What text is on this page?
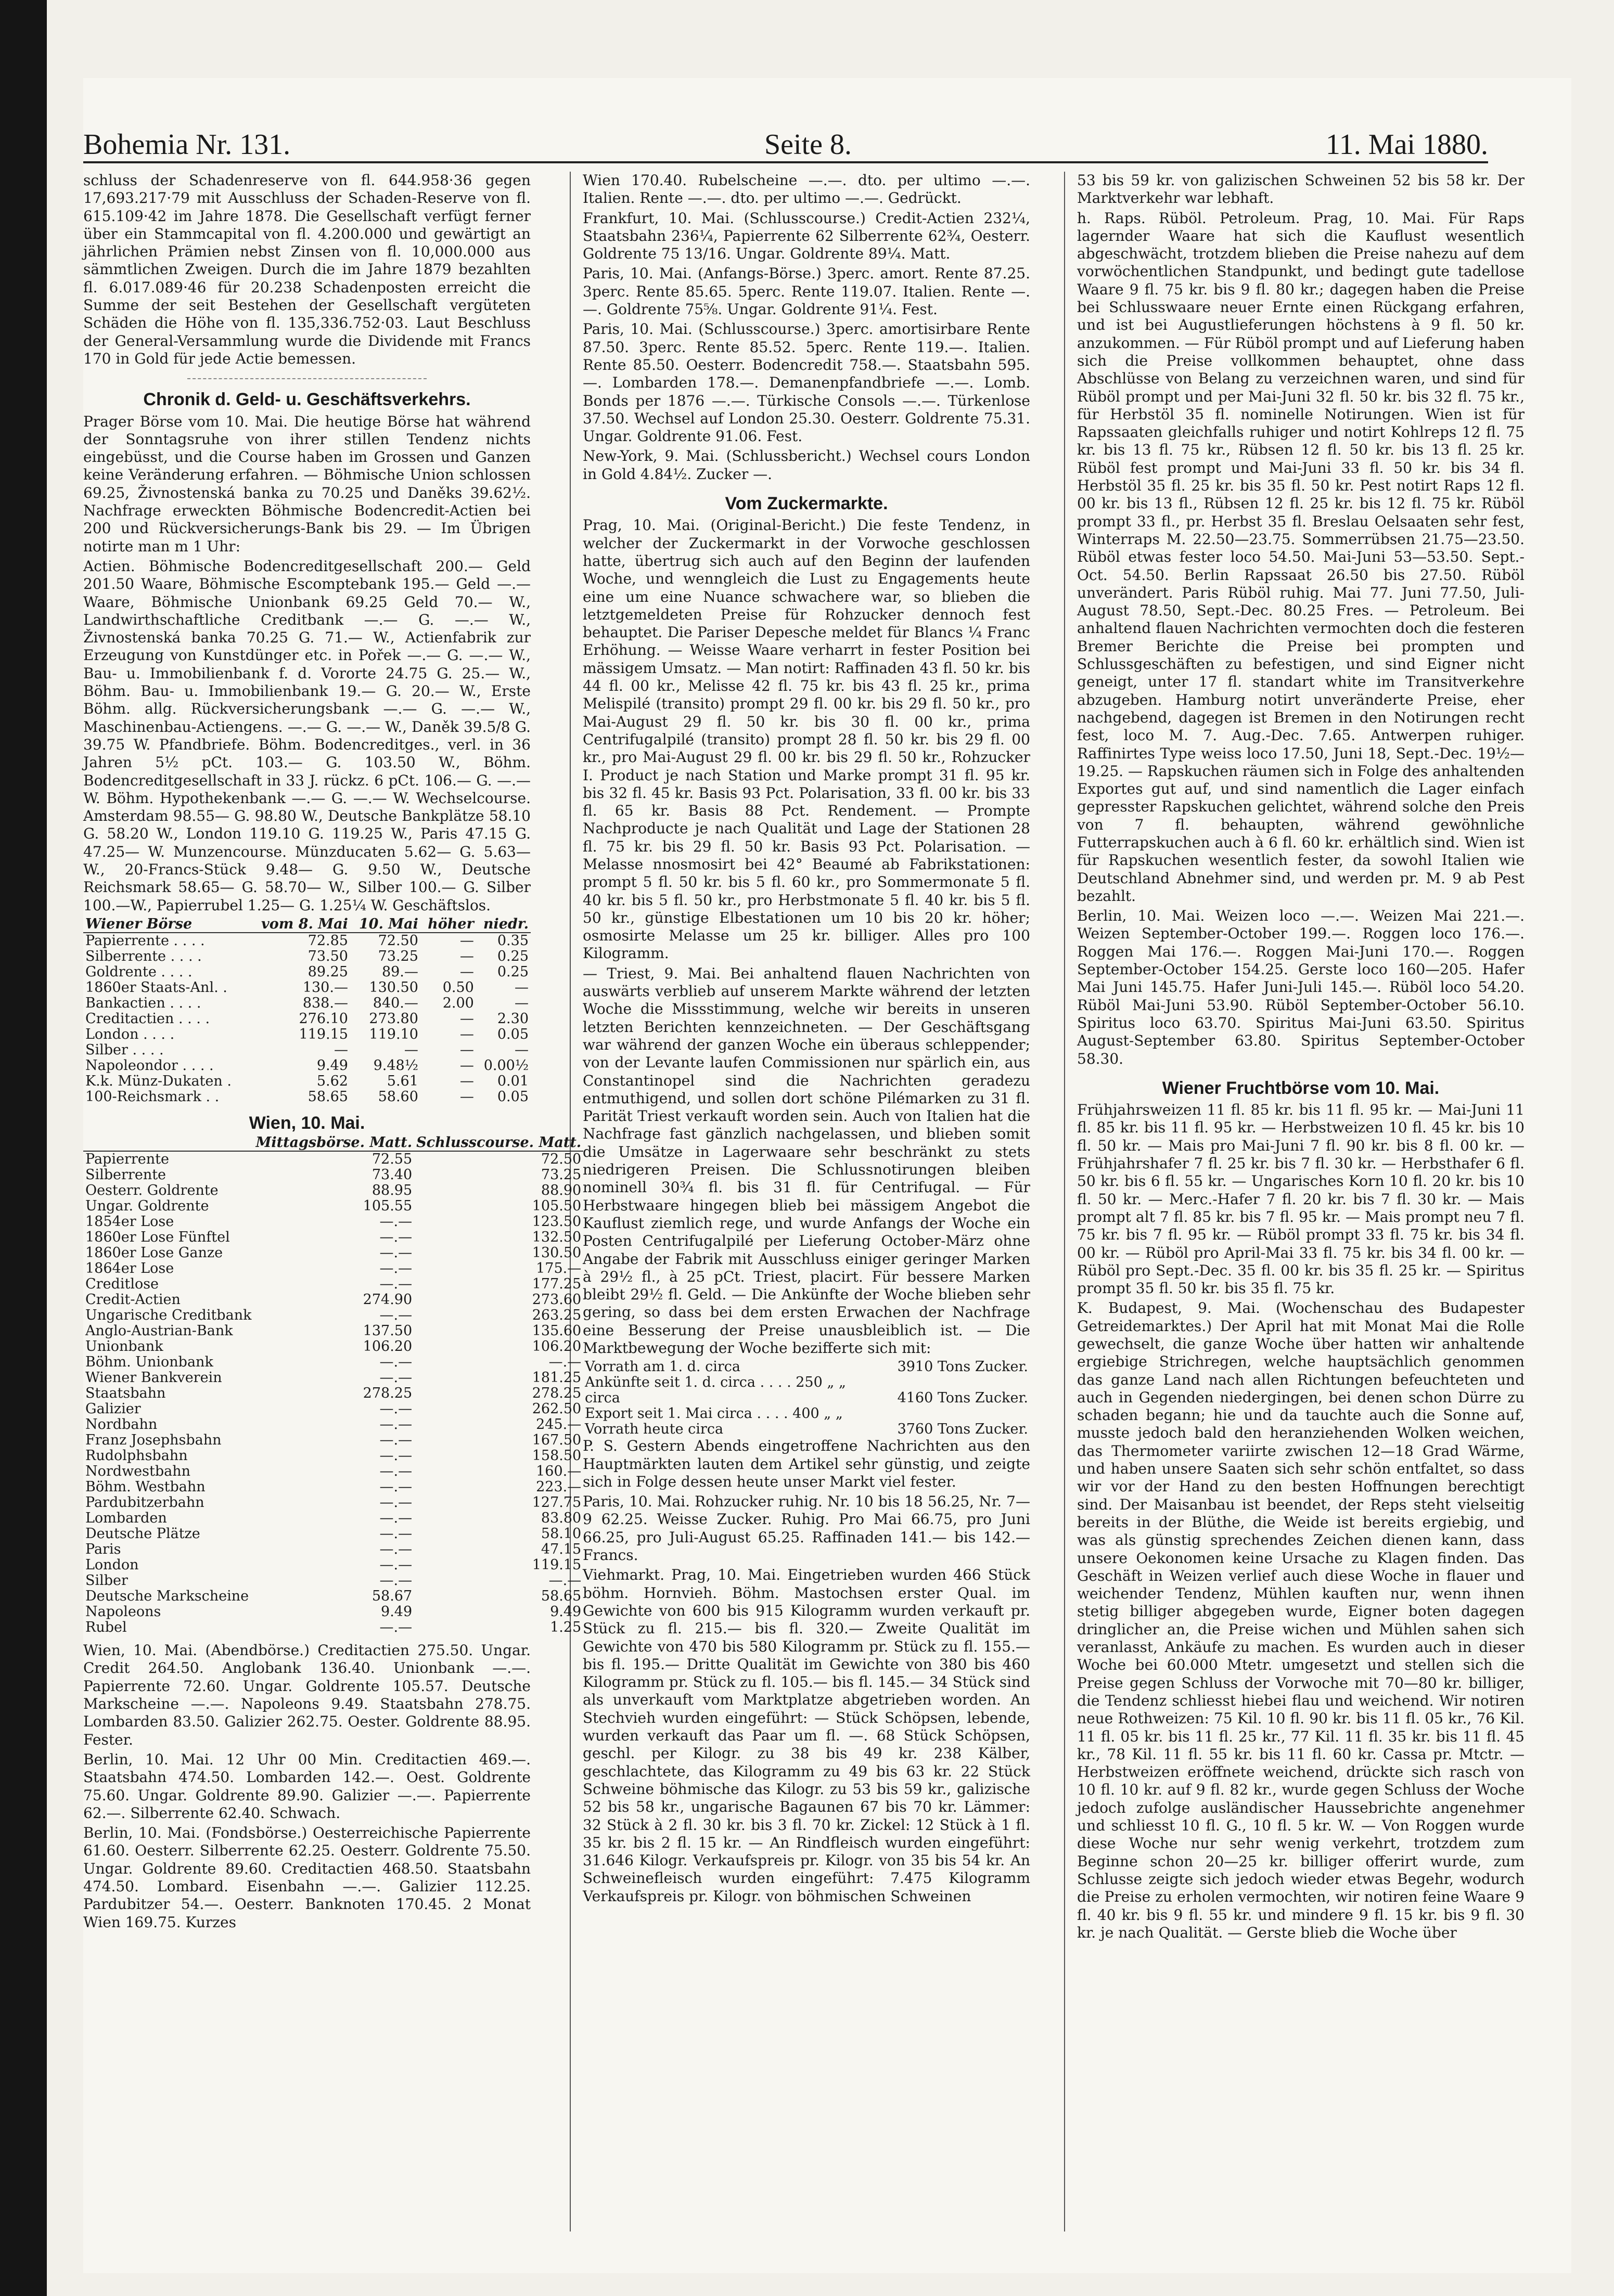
Bohemia Nr. 131.	Seite 8.	11. Mai 1880.

schluss der Schadenreserve von fl. 644.958·36 gegen 17,693.217·79 mit Ausschluss der Schaden-Reserve von fl. 615.109·42 im Jahre 1878. Die Gesellschaft verfügt ferner über ein Stammcapital von fl. 4.200.000 und gewärtigt an jährlichen Prämien nebst Zinsen von fl. 10,000.000 aus sämmtlichen Zweigen. Durch die im Jahre 1879 bezahlten fl. 6.017.089·46 für 20.238 Schadenposten erreicht die Summe der seit Bestehen der Gesellschaft vergüteten Schäden die Höhe von fl. 135,336.752·03. Laut Beschluss der General-Versammlung wurde die Dividende mit Francs 170 in Gold für jede Actie bemessen.

Chronik d. Geld- u. Geschäftsverkehrs.

Prager Börse vom 10. Mai. Die heutige Börse hat während der Sonntagsruhe von ihrer stillen Tendenz nichts eingebüsst, und die Course haben im Grossen und Ganzen keine Veränderung erfahren. — Böhmische Union schlossen 69.25, Živnostenská banka zu 70.25 und Daněks 39.62½. Nachfrage erweckten Böhmische Bodencredit-Actien bei 200 und Rückversicherungs-Bank bis 29. — Im Übrigen notirte man m 1 Uhr:

Actien. Böhmische Bodencreditgesellschaft 200.— Geld 201.50 Waare, Böhmische Escomptebank 195.— Geld —.— Waare, Böhmische Unionbank 69.25 Geld 70.— W., Landwirthschaftliche Creditbank —.— G. —.— W., Živnostenská banka 70.25 G. 71.— W., Actienfabrik zur Erzeugung von Kunstdünger etc. in Pořek —.— G. —.— W., Bau- u. Immobilienbank f. d. Vororte 24.75 G. 25.— W., Böhm. Bau- u. Immobilienbank 19.— G. 20.— W., Erste Böhm. allg. Rückversicherungsbank —.— G. —.— W., Maschinenbau-Actiengens. —.— G. —.— W., Daněk 39.5/8 G. 39.75 W. Pfandbriefe. Böhm. Bodencreditges., verl. in 36 Jahren 5½ pCt. 103.— G. 103.50 W., Böhm. Bodencreditgesellschaft in 33 J. rückz. 6 pCt. 106.— G. —.— W. Böhm. Hypothekenbank —.— G. —.— W. Wechselcourse. Amsterdam 98.55— G. 98.80 W., Deutsche Bankplätze 58.10 G. 58.20 W., London 119.10 G. 119.25 W., Paris 47.15 G. 47.25— W. Munzencourse. Münzducaten 5.62— G. 5.63— W., 20-Francs-Stück 9.48— G. 9.50 W., Deutsche Reichsmark 58.65— G. 58.70— W., Silber 100.— G. Silber 100.—W., Papierrubel 1.25— G. 1.25¼ W. Geschäftslos.

Wiener Börse	vom 8. Mai	10. Mai	höher	niedr.
Papierrente . . . .	72.85	72.50	—	0.35
Silberrente . . . .	73.50	73.25	—	0.25
Goldrente . . . .	89.25	89.—	—	0.25
1860er Staats-Anl. .	130.—	130.50	0.50	—
Bankactien . . . .	838.—	840.—	2.00	—
Creditactien . . . .	276.10	273.80	—	2.30
London . . . .	119.15	119.10	—	0.05
Silber . . . .	—	—	—	—
Napoleondor . . . .	9.49	9.48½	—	0.00½
K.k. Münz-Dukaten .	5.62	5.61	—	0.01
100-Reichsmark . .	58.65	58.60	—	0.05
Wien, 10. Mai.
	Mittagsbörse. Matt.	Schlusscourse. Matt.
Papierrente	72.55	72.50
Silberrente	73.40	73.25
Oesterr. Goldrente	88.95	88.90
Ungar. Goldrente	105.55	105.50
1854er Lose	—.—	123.50
1860er Lose Fünftel	—.—	132.50
1860er Lose Ganze	—.—	130.50
1864er Lose	—.—	175.—
Creditlose	—.—	177.25
Credit-Actien	274.90	273.60
Ungarische Creditbank	—.—	263.25
Anglo-Austrian-Bank	137.50	135.60
Unionbank	106.20	106.20
Böhm. Unionbank	—.—	—.—
Wiener Bankverein	—.—	181.25
Staatsbahn	278.25	278.25
Galizier	—.—	262.50
Nordbahn	—.—	245.—
Franz Josephsbahn	—.—	167.50
Rudolphsbahn	—.—	158.50
Nordwestbahn	—.—	160.—
Böhm. Westbahn	—.—	223.—
Pardubitzerbahn	—.—	127.75
Lombarden	—.—	83.80
Deutsche Plätze	—.—	58.10
Paris	—.—	47.15
London	—.—	119.15
Silber	—.—	—.—
Deutsche Markscheine	58.67	58.65
Napoleons	9.49	9.49
Rubel	—.—	1.25

Wien, 10. Mai. (Abendbörse.) Creditactien 275.50. Ungar. Credit 264.50. Anglobank 136.40. Unionbank —.—. Papierrente 72.60. Ungar. Goldrente 105.57. Deutsche Markscheine —.—. Napoleons 9.49. Staatsbahn 278.75. Lombarden 83.50. Galizier 262.75. Oester. Goldrente 88.95. Fester.

Berlin, 10. Mai. 12 Uhr 00 Min. Creditactien 469.—. Staatsbahn 474.50. Lombarden 142.—. Oest. Goldrente 75.60. Ungar. Goldrente 89.90. Galizier —.—. Papierrente 62.—. Silberrente 62.40. Schwach.

Berlin, 10. Mai. (Fondsbörse.) Oesterreichische Papierrente 61.60. Oesterr. Silberrente 62.25. Oesterr. Goldrente 75.50. Ungar. Goldrente 89.60. Creditactien 468.50. Staatsbahn 474.50. Lombard. Eisenbahn —.—. Galizier 112.25. Pardubitzer 54.—. Oesterr. Banknoten 170.45. 2 Monat Wien 169.75. Kurzes

Wien 170.40. Rubelscheine —.—. dto. per ultimo —.—. Italien. Rente —.—. dto. per ultimo —.—. Gedrückt.

Frankfurt, 10. Mai. (Schlusscourse.) Credit-Actien 232¼, Staatsbahn 236¼, Papierrente 62 Silberrente 62¾, Oesterr. Goldrente 75 13/16. Ungar. Goldrente 89¼. Matt.

Paris, 10. Mai. (Anfangs-Börse.) 3perc. amort. Rente 87.25. 3perc. Rente 85.65. 5perc. Rente 119.07. Italien. Rente —.—. Goldrente 75⅝. Ungar. Goldrente 91¼. Fest.

Paris, 10. Mai. (Schlusscourse.) 3perc. amortisirbare Rente 87.50. 3perc. Rente 85.52. 5perc. Rente 119.—. Italien. Rente 85.50. Oesterr. Bodencredit 758.—. Staatsbahn 595.—. Lombarden 178.—. Demanenpfandbriefe —.—. Lomb. Bonds per 1876 —.—. Türkische Consols —.—. Türkenlose 37.50. Wechsel auf London 25.30. Oesterr. Goldrente 75.31. Ungar. Goldrente 91.06. Fest.

New-York, 9. Mai. (Schlussbericht.) Wechsel cours London in Gold 4.84½. Zucker —.

Vom Zuckermarkte.

Prag, 10. Mai. (Original-Bericht.) Die feste Tendenz, in welcher der Zuckermarkt in der Vorwoche geschlossen hatte, übertrug sich auch auf den Beginn der laufenden Woche, und wenngleich die Lust zu Engagements heute eine um eine Nuance schwachere war, so blieben die letztgemeldeten Preise für Rohzucker dennoch fest behauptet. Die Pariser Depesche meldet für Blancs ¼ Franc Erhöhung. — Weisse Waare verharrt in fester Position bei mässigem Umsatz. — Man notirt: Raffinaden 43 fl. 50 kr. bis 44 fl. 00 kr., Melisse 42 fl. 75 kr. bis 43 fl. 25 kr., prima Melispilé (transito) prompt 29 fl. 00 kr. bis 29 fl. 50 kr., pro Mai-August 29 fl. 50 kr. bis 30 fl. 00 kr., prima Centrifugalpilé (transito) prompt 28 fl. 50 kr. bis 29 fl. 00 kr., pro Mai-August 29 fl. 00 kr. bis 29 fl. 50 kr., Rohzucker I. Product je nach Station und Marke prompt 31 fl. 95 kr. bis 32 fl. 45 kr. Basis 93 Pct. Polarisation, 33 fl. 00 kr. bis 33 fl. 65 kr. Basis 88 Pct. Rendement. — Prompte Nachproducte je nach Qualität und Lage der Stationen 28 fl. 75 kr. bis 29 fl. 50 kr. Basis 93 Pct. Polarisation. — Melasse nnosmosirt bei 42° Beaumé ab Fabrikstationen: prompt 5 fl. 50 kr. bis 5 fl. 60 kr., pro Sommermonate 5 fl. 40 kr. bis 5 fl. 50 kr., pro Herbstmonate 5 fl. 40 kr. bis 5 fl. 50 kr., günstige Elbestationen um 10 bis 20 kr. höher; osmosirte Melasse um 25 kr. billiger. Alles pro 100 Kilogramm.

— Triest, 9. Mai. Bei anhaltend flauen Nachrichten von auswärts verblieb auf unserem Markte während der letzten Woche die Missstimmung, welche wir bereits in unseren letzten Berichten kennzeichneten. — Der Geschäftsgang war während der ganzen Woche ein überaus schleppender; von der Levante laufen Commissionen nur spärlich ein, aus Constantinopel sind die Nachrichten geradezu entmuthigend, und sollen dort schöne Pilémarken zu 31 fl. Parität Triest verkauft worden sein. Auch von Italien hat die Nachfrage fast gänzlich nachgelassen, und blieben somit die Umsätze in Lagerwaare sehr beschränkt zu stets niedrigeren Preisen. Die Schlussnotirungen bleiben nominell 30¾ fl. bis 31 fl. für Centrifugal. — Für Herbstwaare hingegen blieb bei mässigem Angebot die Kauflust ziemlich rege, und wurde Anfangs der Woche ein Posten Centrifugalpilé per Lieferung October-März ohne Angabe der Fabrik mit Ausschluss einiger geringer Marken à 29½ fl., à 25 pCt. Triest, placirt. Für bessere Marken bleibt 29½ fl. Geld. — Die Ankünfte der Woche blieben sehr gering, so dass bei dem ersten Erwachen der Nachfrage eine Besserung der Preise unausbleiblich ist. — Die Marktbewegung der Woche bezifferte sich mit:

Vorrath am 1. d. circa	3910 Tons Zucker.
Ankünfte seit 1. d. circa . . . . 250 „ „	
circa	4160 Tons Zucker.
Export seit 1. Mai circa . . . . 400 „ „	
Vorrath heute circa	3760 Tons Zucker.

P. S. Gestern Abends eingetroffene Nachrichten aus den Hauptmärkten lauten dem Artikel sehr günstig, und zeigte sich in Folge dessen heute unser Markt viel fester.

Paris, 10. Mai. Rohzucker ruhig. Nr. 10 bis 18 56.25, Nr. 7—9 62.25. Weisse Zucker. Ruhig. Pro Mai 66.75, pro Juni 66.25, pro Juli-August 65.25. Raffinaden 141.— bis 142.— Francs.

Viehmarkt. Prag, 10. Mai. Eingetrieben wurden 466 Stück böhm. Hornvieh. Böhm. Mastochsen erster Qual. im Gewichte von 600 bis 915 Kilogramm wurden verkauft pr. Stück zu fl. 215.— bis fl. 320.— Zweite Qualität im Gewichte von 470 bis 580 Kilogramm pr. Stück zu fl. 155.— bis fl. 195.— Dritte Qualität im Gewichte von 380 bis 460 Kilogramm pr. Stück zu fl. 105.— bis fl. 145.— 34 Stück sind als unverkauft vom Marktplatze abgetrieben worden. An Stechvieh wurden eingeführt: — Stück Schöpsen, lebende, wurden verkauft das Paar um fl. —. 68 Stück Schöpsen, geschl. per Kilogr. zu 38 bis 49 kr. 238 Kälber, geschlachtete, das Kilogramm zu 49 bis 63 kr. 22 Stück Schweine böhmische das Kilogr. zu 53 bis 59 kr., galizische 52 bis 58 kr., ungarische Bagaunen 67 bis 70 kr. Lämmer: 32 Stück à 2 fl. 30 kr. bis 3 fl. 70 kr. Zickel: 12 Stück à 1 fl. 35 kr. bis 2 fl. 15 kr. — An Rindfleisch wurden eingeführt: 31.646 Kilogr. Verkaufspreis pr. Kilogr. von 35 bis 54 kr. An Schweinefleisch wurden eingeführt: 7.475 Kilogramm Verkaufspreis pr. Kilogr. von böhmischen Schweinen

53 bis 59 kr. von galizischen Schweinen 52 bis 58 kr. Der Marktverkehr war lebhaft.

h. Raps. Rüböl. Petroleum. Prag, 10. Mai. Für Raps lagernder Waare hat sich die Kauflust wesentlich abgeschwächt, trotzdem blieben die Preise nahezu auf dem vorwöchentlichen Standpunkt, und bedingt gute tadellose Waare 9 fl. 75 kr. bis 9 fl. 80 kr.; dagegen haben die Preise bei Schlusswaare neuer Ernte einen Rückgang erfahren, und ist bei Augustlieferungen höchstens à 9 fl. 50 kr. anzukommen. — Für Rüböl prompt und auf Lieferung haben sich die Preise vollkommen behauptet, ohne dass Abschlüsse von Belang zu verzeichnen waren, und sind für Rüböl prompt und per Mai-Juni 32 fl. 50 kr. bis 32 fl. 75 kr., für Herbstöl 35 fl. nominelle Notirungen. Wien ist für Rapssaaten gleichfalls ruhiger und notirt Kohlreps 12 fl. 75 kr. bis 13 fl. 75 kr., Rübsen 12 fl. 50 kr. bis 13 fl. 25 kr. Rüböl fest prompt und Mai-Juni 33 fl. 50 kr. bis 34 fl. Herbstöl 35 fl. 25 kr. bis 35 fl. 50 kr. Pest notirt Raps 12 fl. 00 kr. bis 13 fl., Rübsen 12 fl. 25 kr. bis 12 fl. 75 kr. Rüböl prompt 33 fl., pr. Herbst 35 fl. Breslau Oelsaaten sehr fest, Winterraps M. 22.50—23.75. Sommerrübsen 21.75—23.50. Rüböl etwas fester loco 54.50. Mai-Juni 53—53.50. Sept.-Oct. 54.50. Berlin Rapssaat 26.50 bis 27.50. Rüböl unverändert. Paris Rüböl ruhig. Mai 77. Juni 77.50, Juli-August 78.50, Sept.-Dec. 80.25 Fres. — Petroleum. Bei anhaltend flauen Nachrichten vermochten doch die festeren Bremer Berichte die Preise bei prompten und Schlussgeschäften zu befestigen, und sind Eigner nicht geneigt, unter 17 fl. standart white im Transitverkehre abzugeben. Hamburg notirt unveränderte Preise, eher nachgebend, dagegen ist Bremen in den Notirungen recht fest, loco M. 7. Aug.-Dec. 7.65. Antwerpen ruhiger. Raffinirtes Type weiss loco 17.50, Juni 18, Sept.-Dec. 19½—19.25. — Rapskuchen räumen sich in Folge des anhaltenden Exportes gut auf, und sind namentlich die Lager einfach gepresster Rapskuchen gelichtet, während solche den Preis von 7 fl. behaupten, während gewöhnliche Futterrapskuchen auch à 6 fl. 60 kr. erhältlich sind. Wien ist für Rapskuchen wesentlich fester, da sowohl Italien wie Deutschland Abnehmer sind, und werden pr. M. 9 ab Pest bezahlt.

Berlin, 10. Mai. Weizen loco —.—. Weizen Mai 221.—. Weizen September-October 199.—. Roggen loco 176.—. Roggen Mai 176.—. Roggen Mai-Juni 170.—. Roggen September-October 154.25. Gerste loco 160—205. Hafer Mai Juni 145.75. Hafer Juni-Juli 145.—. Rüböl loco 54.20. Rüböl Mai-Juni 53.90. Rüböl September-October 56.10. Spiritus loco 63.70. Spiritus Mai-Juni 63.50. Spiritus August-September 63.80. Spiritus September-October 58.30.

Wiener Fruchtbörse vom 10. Mai.

Frühjahrsweizen 11 fl. 85 kr. bis 11 fl. 95 kr. — Mai-Juni 11 fl. 85 kr. bis 11 fl. 95 kr. — Herbstweizen 10 fl. 45 kr. bis 10 fl. 50 kr. — Mais pro Mai-Juni 7 fl. 90 kr. bis 8 fl. 00 kr. — Frühjahrshafer 7 fl. 25 kr. bis 7 fl. 30 kr. — Herbsthafer 6 fl. 50 kr. bis 6 fl. 55 kr. — Ungarisches Korn 10 fl. 20 kr. bis 10 fl. 50 kr. — Merc.-Hafer 7 fl. 20 kr. bis 7 fl. 30 kr. — Mais prompt alt 7 fl. 85 kr. bis 7 fl. 95 kr. — Mais prompt neu 7 fl. 75 kr. bis 7 fl. 95 kr. — Rüböl prompt 33 fl. 75 kr. bis 34 fl. 00 kr. — Rüböl pro April-Mai 33 fl. 75 kr. bis 34 fl. 00 kr. — Rüböl pro Sept.-Dec. 35 fl. 00 kr. bis 35 fl. 25 kr. — Spiritus prompt 35 fl. 50 kr. bis 35 fl. 75 kr.

K. Budapest, 9. Mai. (Wochenschau des Budapester Getreidemarktes.) Der April hat mit Monat Mai die Rolle gewechselt, die ganze Woche über hatten wir anhaltende ergiebige Strichregen, welche hauptsächlich genommen das ganze Land nach allen Richtungen befeuchteten und auch in Gegenden niedergingen, bei denen schon Dürre zu schaden begann; hie und da tauchte auch die Sonne auf, musste jedoch bald den heranziehenden Wolken weichen, das Thermometer variirte zwischen 12—18 Grad Wärme, und haben unsere Saaten sich sehr schön entfaltet, so dass wir vor der Hand zu den besten Hoffnungen berechtigt sind. Der Maisanbau ist beendet, der Reps steht vielseitig bereits in der Blüthe, die Weide ist bereits ergiebig, und was als günstig sprechendes Zeichen dienen kann, dass unsere Oekonomen keine Ursache zu Klagen finden. Das Geschäft in Weizen verlief auch diese Woche in flauer und weichender Tendenz, Mühlen kauften nur, wenn ihnen stetig billiger abgegeben wurde, Eigner boten dagegen dringlicher an, die Preise wichen und Mühlen sahen sich veranlasst, Ankäufe zu machen. Es wurden auch in dieser Woche bei 60.000 Mtetr. umgesetzt und stellen sich die Preise gegen Schluss der Vorwoche mit 70—80 kr. billiger, die Tendenz schliesst hiebei flau und weichend. Wir notiren neue Rothweizen: 75 Kil. 10 fl. 90 kr. bis 11 fl. 05 kr., 76 Kil. 11 fl. 05 kr. bis 11 fl. 25 kr., 77 Kil. 11 fl. 35 kr. bis 11 fl. 45 kr., 78 Kil. 11 fl. 55 kr. bis 11 fl. 60 kr. Cassa pr. Mtctr. — Herbstweizen eröffnete weichend, drückte sich rasch von 10 fl. 10 kr. auf 9 fl. 82 kr., wurde gegen Schluss der Woche jedoch zufolge ausländischer Haussebrichte angenehmer und schliesst 10 fl. G., 10 fl. 5 kr. W. — Von Roggen wurde diese Woche nur sehr wenig verkehrt, trotzdem zum Beginne schon 20—25 kr. billiger offerirt wurde, zum Schlusse zeigte sich jedoch wieder etwas Begehr, wodurch die Preise zu erholen vermochten, wir notiren feine Waare 9 fl. 40 kr. bis 9 fl. 55 kr. und mindere 9 fl. 15 kr. bis 9 fl. 30 kr. je nach Qualität. — Gerste blieb die Woche über
